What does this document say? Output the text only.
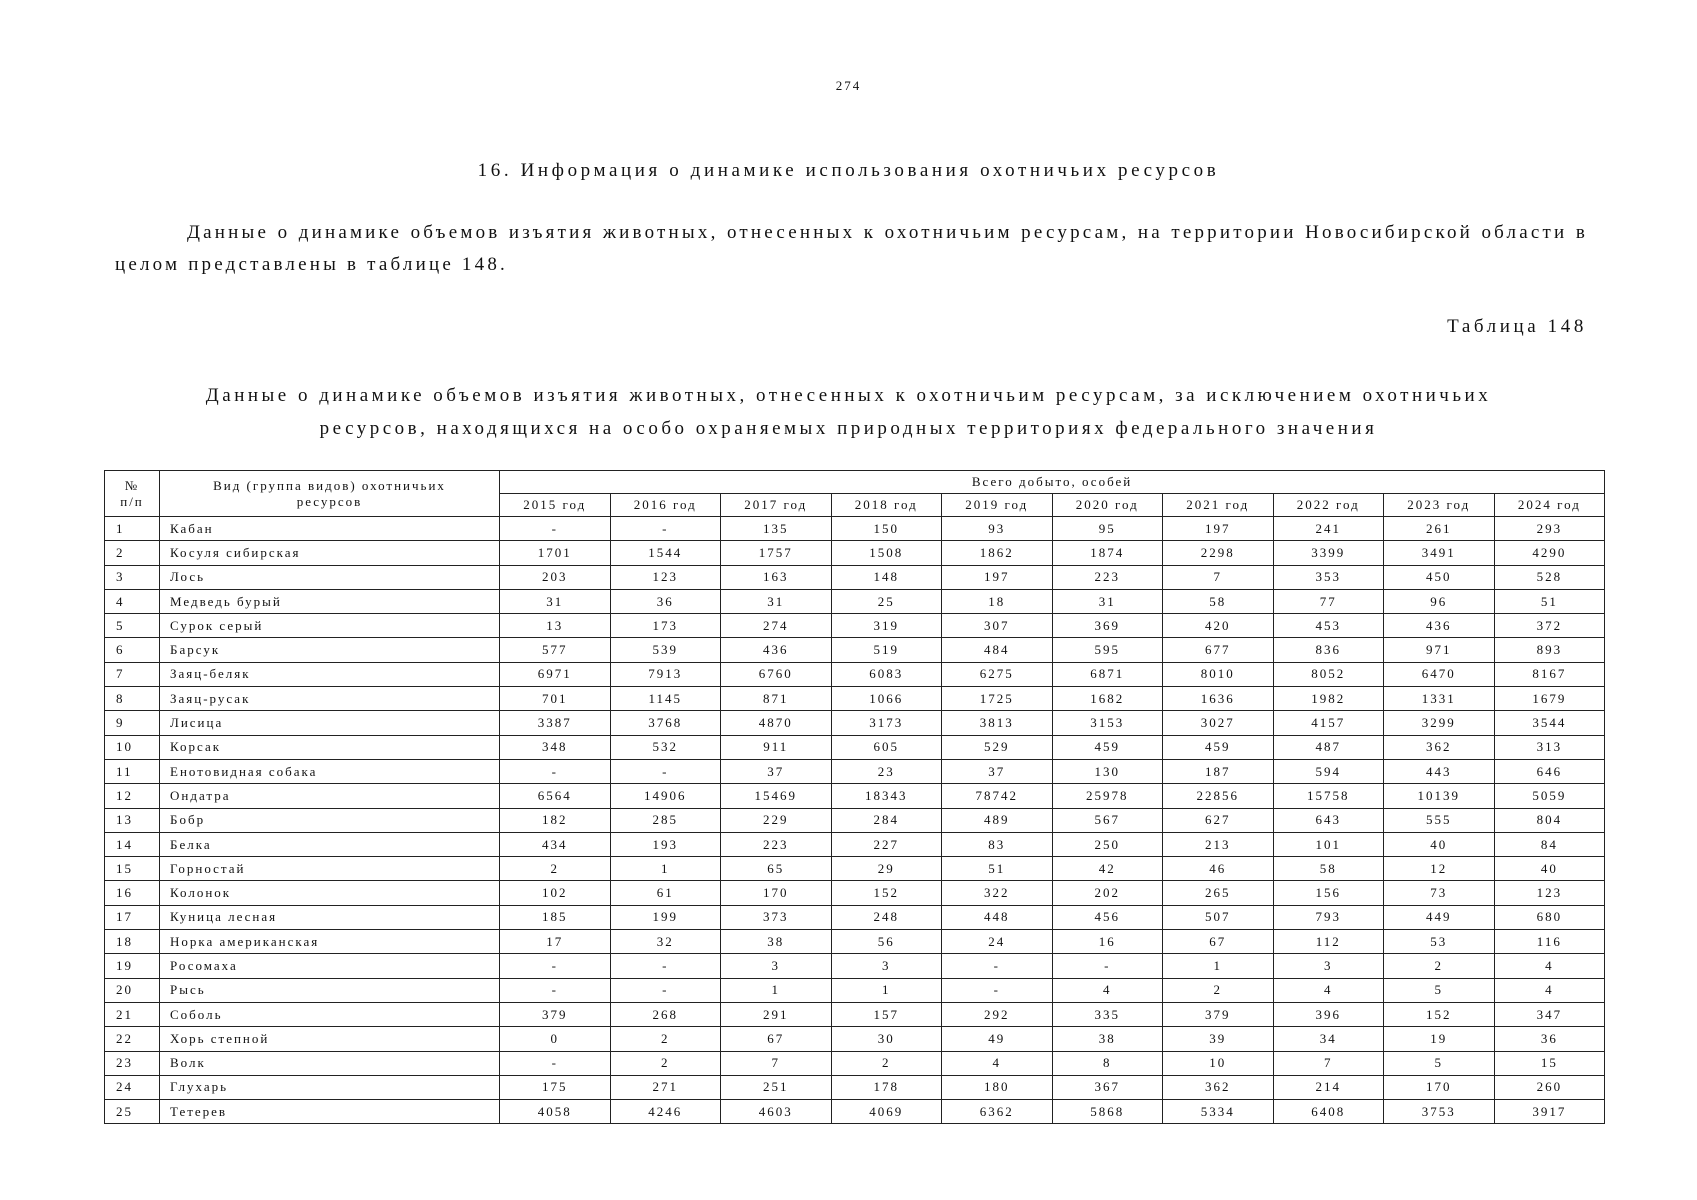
274
16. Информация о динамике использования охотничьих ресурсов
Данные о динамике объемов изъятия животных, отнесенных к охотничьим ресурсам, на территории Новосибирской области в целом представлены в таблице 148.
Таблица 148
Данные о динамике объемов изъятия животных, отнесенных к охотничьим ресурсам, за исключением охотничьих
ресурсов, находящихся на особо охраняемых природных территориях федерального значения
№	Вид (группа видов) охотничьих	Всего добыто, особей									
п/п	ресурсов	2015 год	2016 год	2017 год	2018 год	2019 год	2020 год	2021 год	2022 год	2023 год	2024 год
1	Кабан	-	-	135	150	93	95	197	241	261	293
2	Косуля сибирская	1701	1544	1757	1508	1862	1874	2298	3399	3491	4290
3	Лось	203	123	163	148	197	223	7	353	450	528
4	Медведь бурый	31	36	31	25	18	31	58	77	96	51
5	Сурок серый	13	173	274	319	307	369	420	453	436	372
6	Барсук	577	539	436	519	484	595	677	836	971	893
7	Заяц-беляк	6971	7913	6760	6083	6275	6871	8010	8052	6470	8167
8	Заяц-русак	701	1145	871	1066	1725	1682	1636	1982	1331	1679
9	Лисица	3387	3768	4870	3173	3813	3153	3027	4157	3299	3544
10	Корсак	348	532	911	605	529	459	459	487	362	313
11	Енотовидная собака	-	-	37	23	37	130	187	594	443	646
12	Ондатра	6564	14906	15469	18343	78742	25978	22856	15758	10139	5059
13	Бобр	182	285	229	284	489	567	627	643	555	804
14	Белка	434	193	223	227	83	250	213	101	40	84
15	Горностай	2	1	65	29	51	42	46	58	12	40
16	Колонок	102	61	170	152	322	202	265	156	73	123
17	Куница лесная	185	199	373	248	448	456	507	793	449	680
18	Норка американская	17	32	38	56	24	16	67	112	53	116
19	Росомаха	-	-	3	3	-	-	1	3	2	4
20	Рысь	-	-	1	1	-	4	2	4	5	4
21	Соболь	379	268	291	157	292	335	379	396	152	347
22	Хорь степной	0	2	67	30	49	38	39	34	19	36
23	Волк	-	2	7	2	4	8	10	7	5	15
24	Глухарь	175	271	251	178	180	367	362	214	170	260
25	Тетерев	4058	4246	4603	4069	6362	5868	5334	6408	3753	3917
